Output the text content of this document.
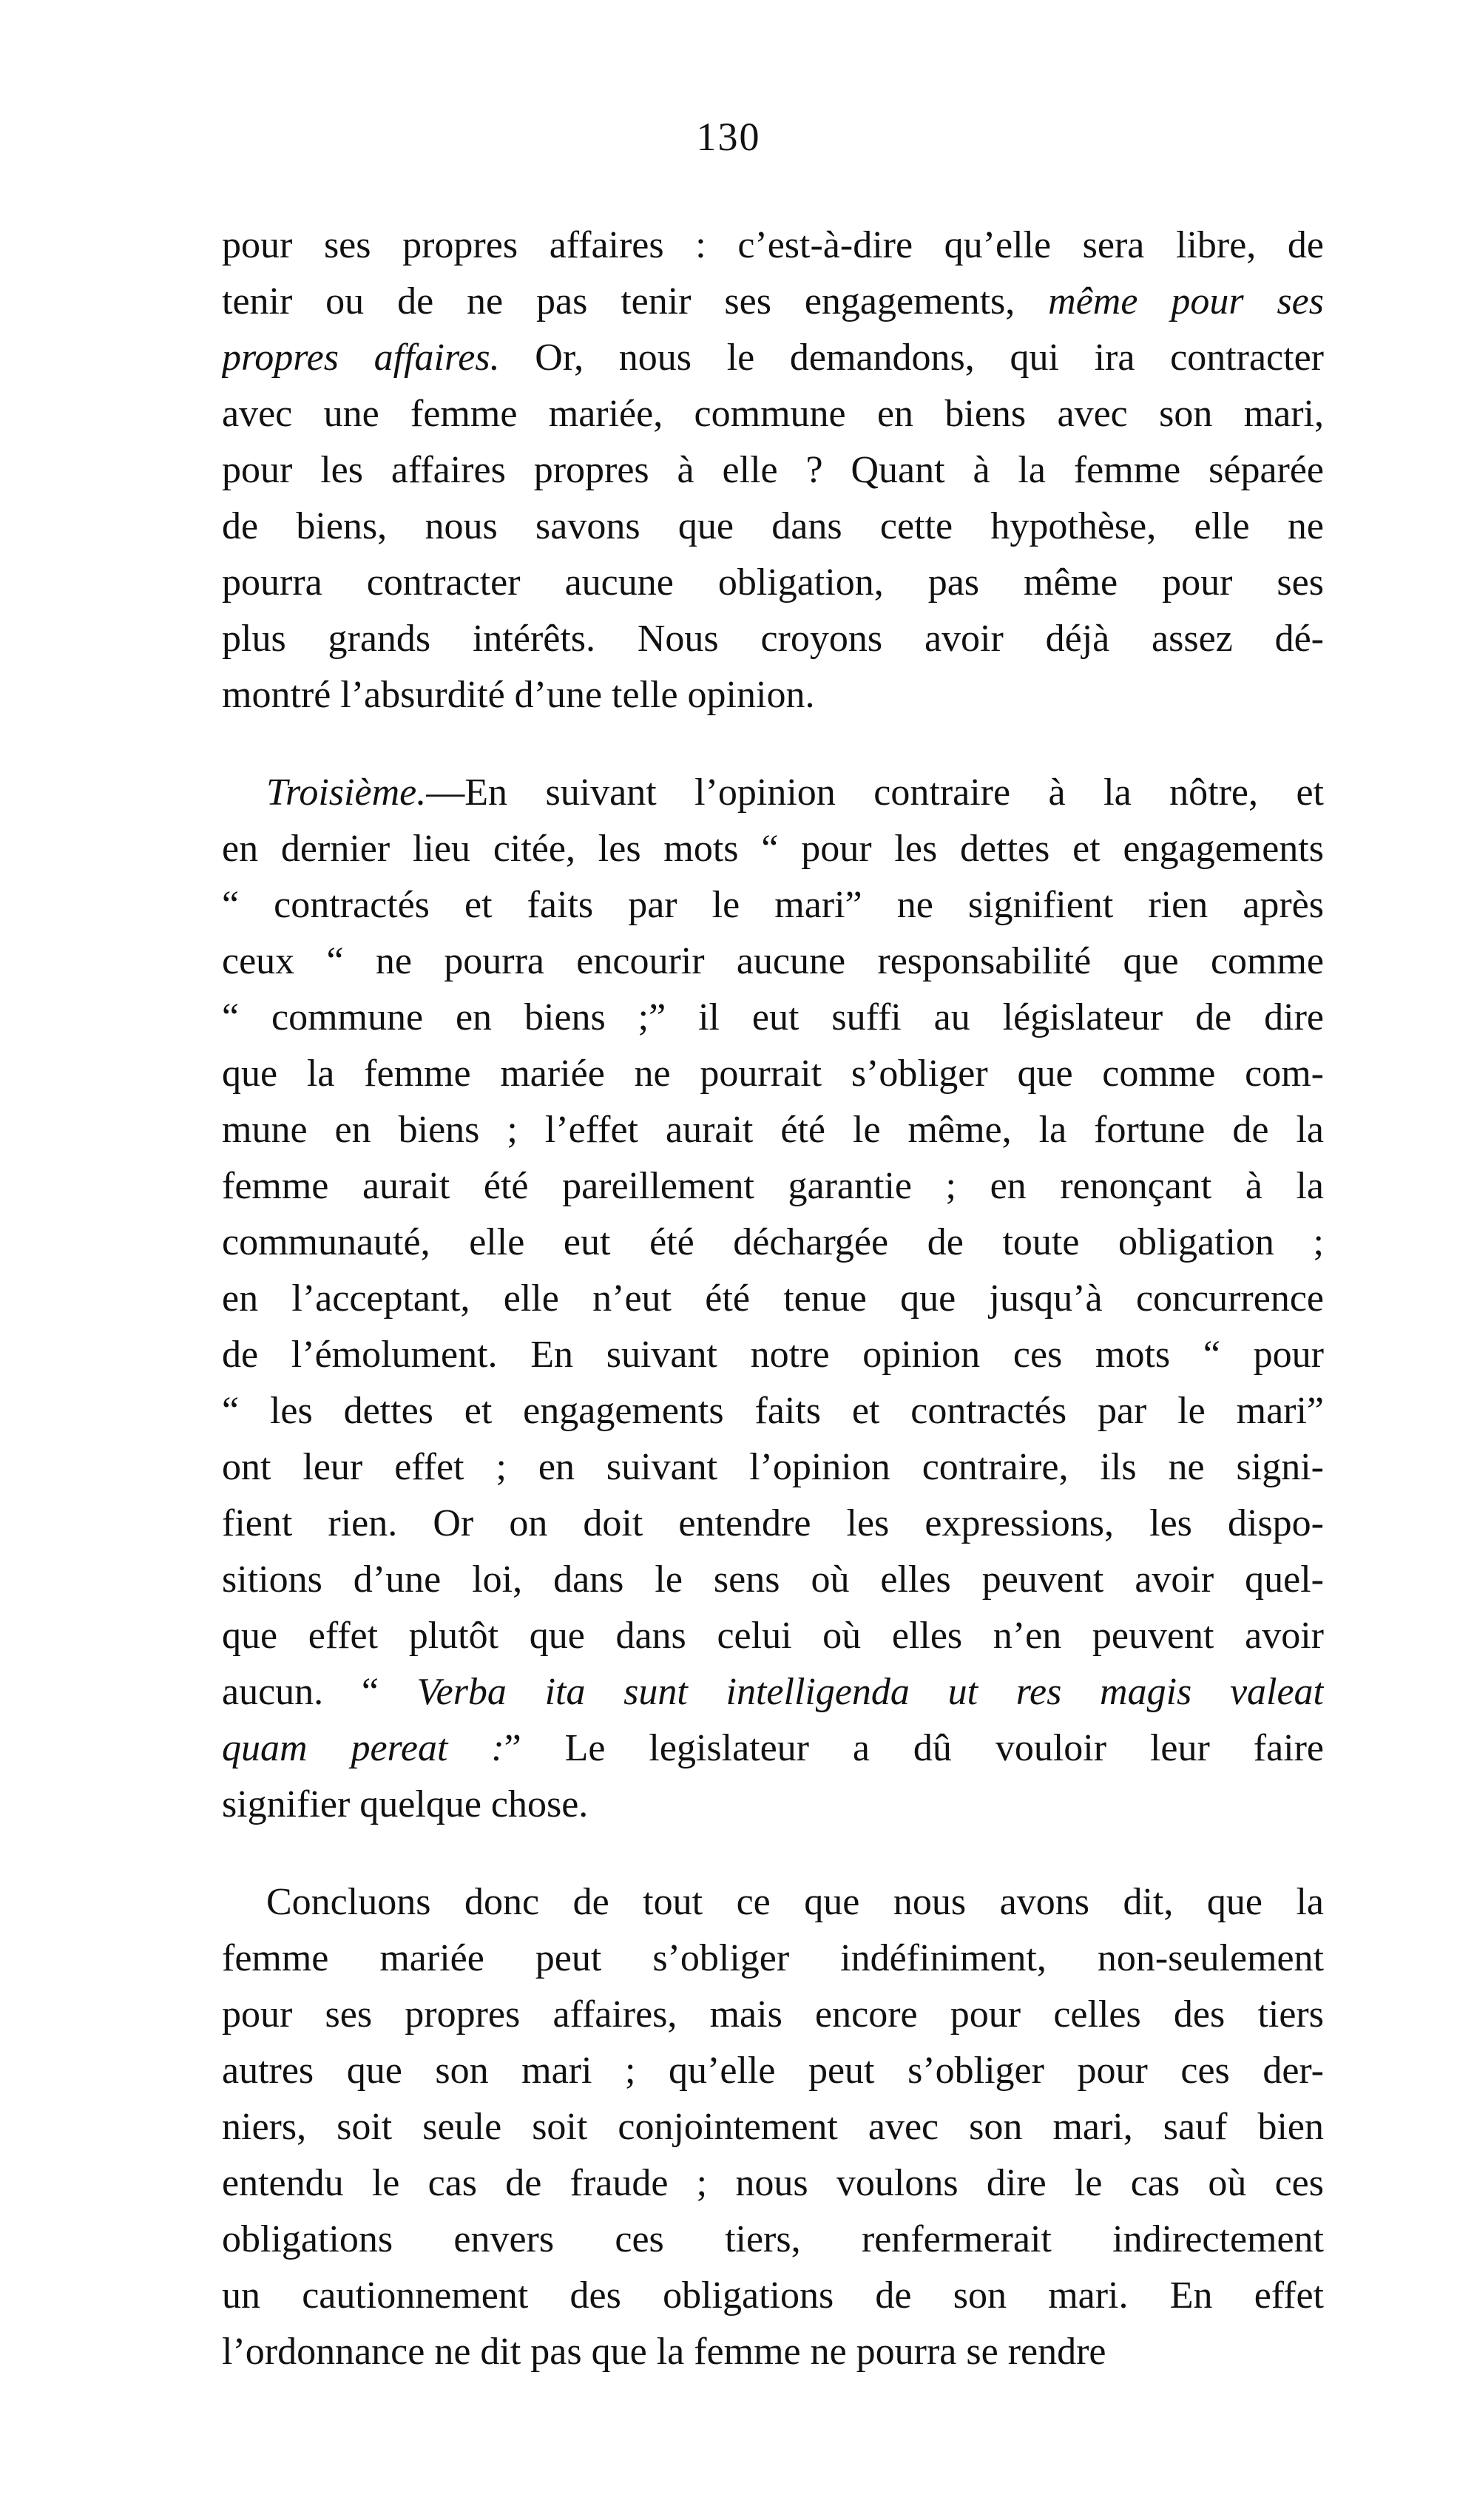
130
pour ses propres affaires : c’est-à-dire qu’elle sera libre, de
tenir ou de ne pas tenir ses engagements, même pour ses
propres affaires. Or, nous le demandons, qui ira contracter
avec une femme mariée, commune en biens avec son mari,
pour les affaires propres à elle ? Quant à la femme séparée
de biens, nous savons que dans cette hypothèse, elle ne
pourra contracter aucune obligation, pas même pour ses
plus grands intérêts. Nous croyons avoir déjà assez dé-
montré l’absurdité d’une telle opinion.
Troisième.—En suivant l’opinion contraire à la nôtre, et
en dernier lieu citée, les mots “ pour les dettes et engagements
“ contractés et faits par le mari” ne signifient rien après
ceux “ ne pourra encourir aucune responsabilité que comme
“ commune en biens ;” il eut suffi au législateur de dire
que la femme mariée ne pourrait s’obliger que comme com-
mune en biens ; l’effet aurait été le même, la fortune de la
femme aurait été pareillement garantie ; en renonçant à la
communauté, elle eut été déchargée de toute obligation ;
en l’acceptant, elle n’eut été tenue que jusqu’à concurrence
de l’émolument. En suivant notre opinion ces mots “ pour
“ les dettes et engagements faits et contractés par le mari”
ont leur effet ; en suivant l’opinion contraire, ils ne signi-
fient rien. Or on doit entendre les expressions, les dispo-
sitions d’une loi, dans le sens où elles peuvent avoir quel-
que effet plutôt que dans celui où elles n’en peuvent avoir
aucun. “ Verba ita sunt intelligenda ut res magis valeat
quam pereat :” Le legislateur a dû vouloir leur faire
signifier quelque chose.
Concluons donc de tout ce que nous avons dit, que la
femme mariée peut s’obliger indéfiniment, non-seulement
pour ses propres affaires, mais encore pour celles des tiers
autres que son mari ; qu’elle peut s’obliger pour ces der-
niers, soit seule soit conjointement avec son mari, sauf bien
entendu le cas de fraude ; nous voulons dire le cas où ces
obligations envers ces tiers, renfermerait indirectement
un cautionnement des obligations de son mari. En effet
l’ordonnance ne dit pas que la femme ne pourra se rendre
